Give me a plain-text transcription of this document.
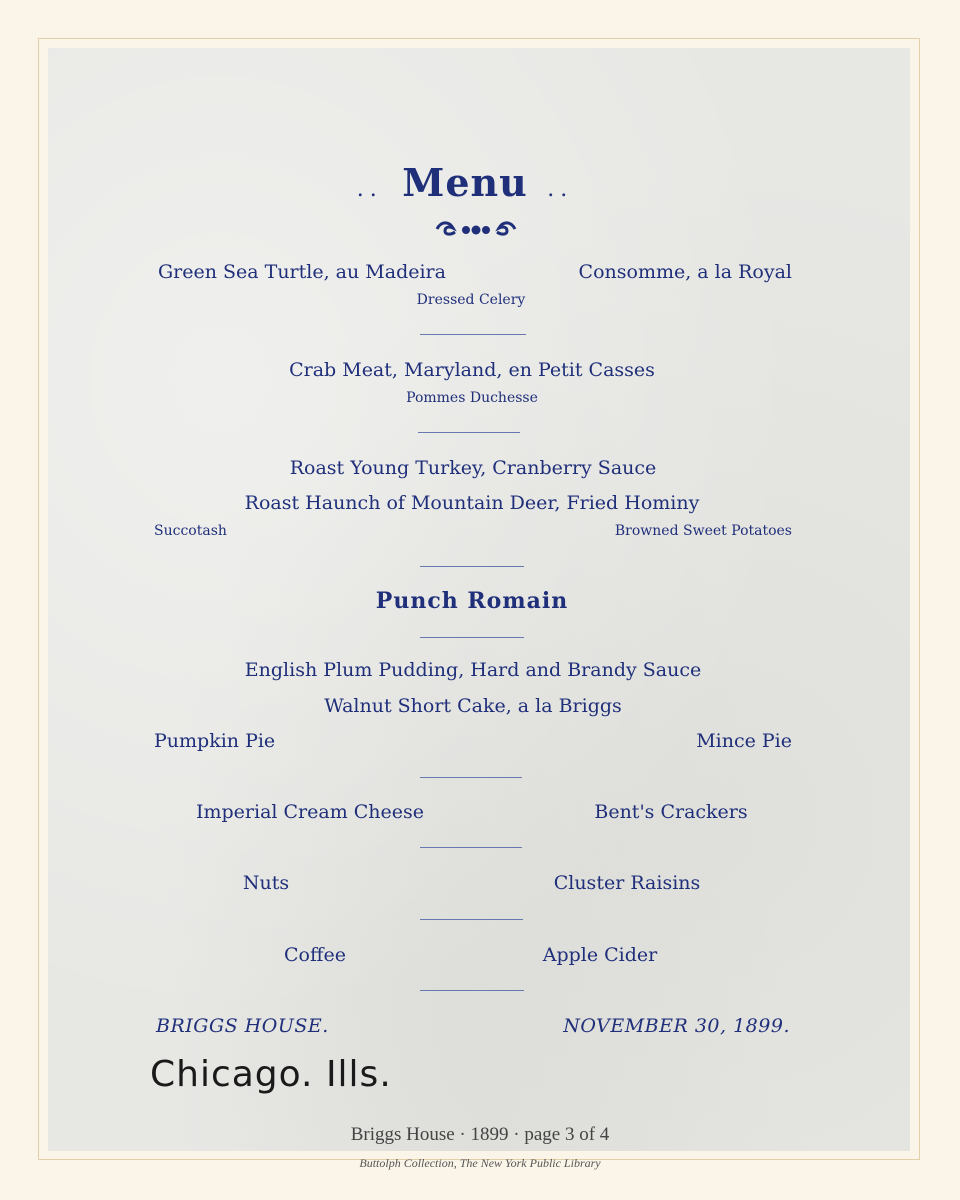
.. Menu ..
Green Sea Turtle, au Madeira	Consomme, a la Royal
Dressed Celery
Crab Meat, Maryland, en Petit Casses
Pommes Duchesse
Roast Young Turkey, Cranberry Sauce
Roast Haunch of Mountain Deer, Fried Hominy
Succotash	Browned Sweet Potatoes
Punch Romain
English Plum Pudding, Hard and Brandy Sauce
Walnut Short Cake, a la Briggs
Pumpkin Pie	Mince Pie
Imperial Cream Cheese	Bent's Crackers
Nuts	Cluster Raisins
Coffee	Apple Cider
BRIGGS HOUSE.	NOVEMBER 30, 1899.
Chicago. Ills.
Briggs House · 1899 · page 3 of 4
Buttolph Collection, The New York Public Library
